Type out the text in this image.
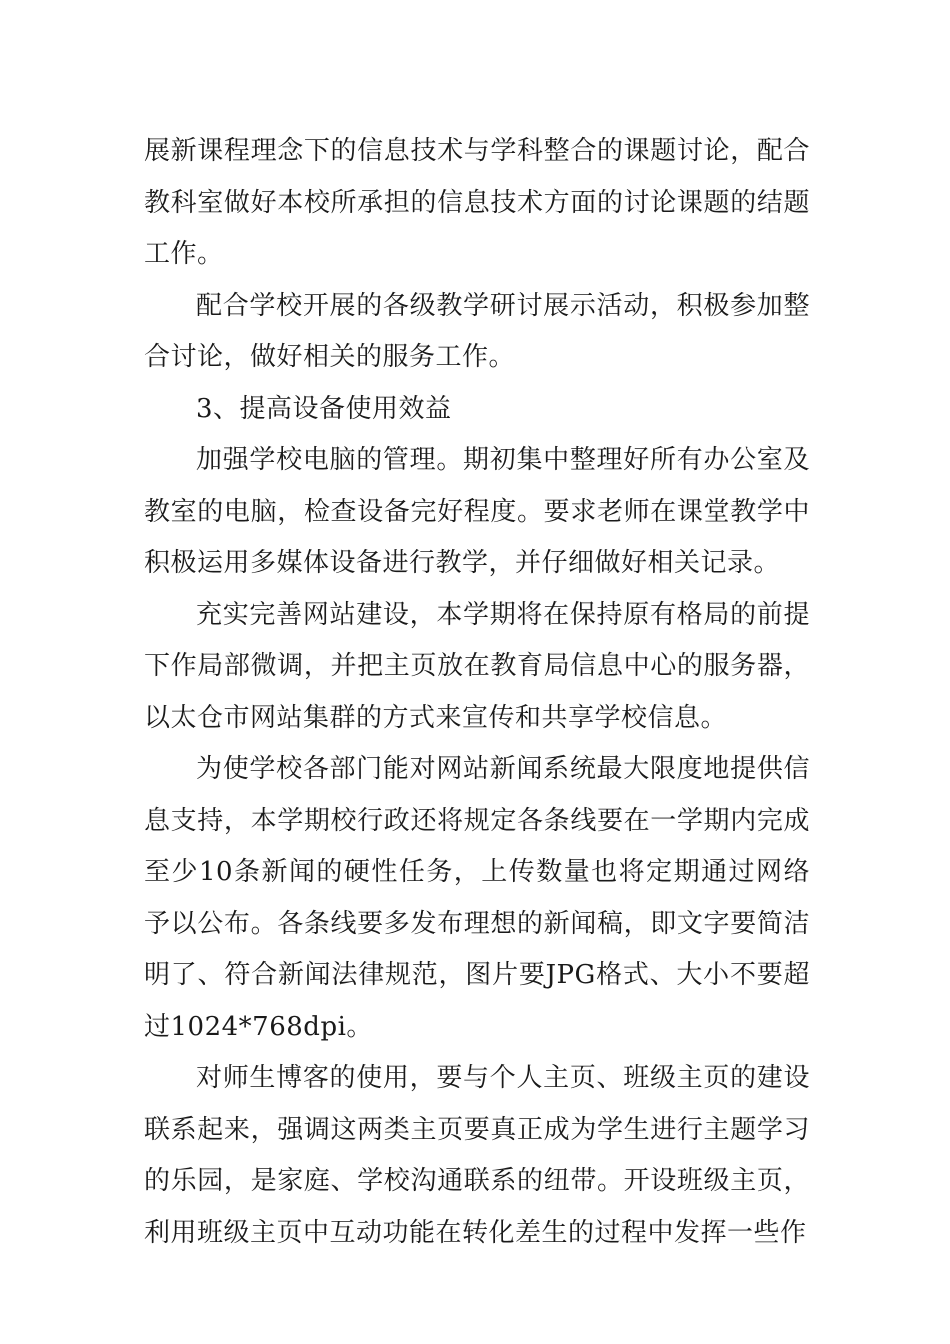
展新课程理念下的信息技术与学科整合的课题讨论，配合教科室做好本校所承担的信息技术方面的讨论课题的结题工作。

配合学校开展的各级教学研讨展示活动，积极参加整合讨论，做好相关的服务工作。

3、提高设备使用效益

加强学校电脑的管理。期初集中整理好所有办公室及教室的电脑，检查设备完好程度。要求老师在课堂教学中积极运用多媒体设备进行教学，并仔细做好相关记录。

充实完善网站建设，本学期将在保持原有格局的前提下作局部微调，并把主页放在教育局信息中心的服务器，以太仓市网站集群的方式来宣传和共享学校信息。

为使学校各部门能对网站新闻系统最大限度地提供信息支持，本学期校行政还将规定各条线要在一学期内完成至少10条新闻的硬性任务，上传数量也将定期通过网络予以公布。各条线要多发布理想的新闻稿，即文字要简洁明了、符合新闻法律规范，图片要JPG格式、大小不要超过1024*768dpi。

对师生博客的使用，要与个人主页、班级主页的建设联系起来，强调这两类主页要真正成为学生进行主题学习的乐园，是家庭、学校沟通联系的纽带。开设班级主页，利用班级主页中互动功能在转化差生的过程中发挥一些作
